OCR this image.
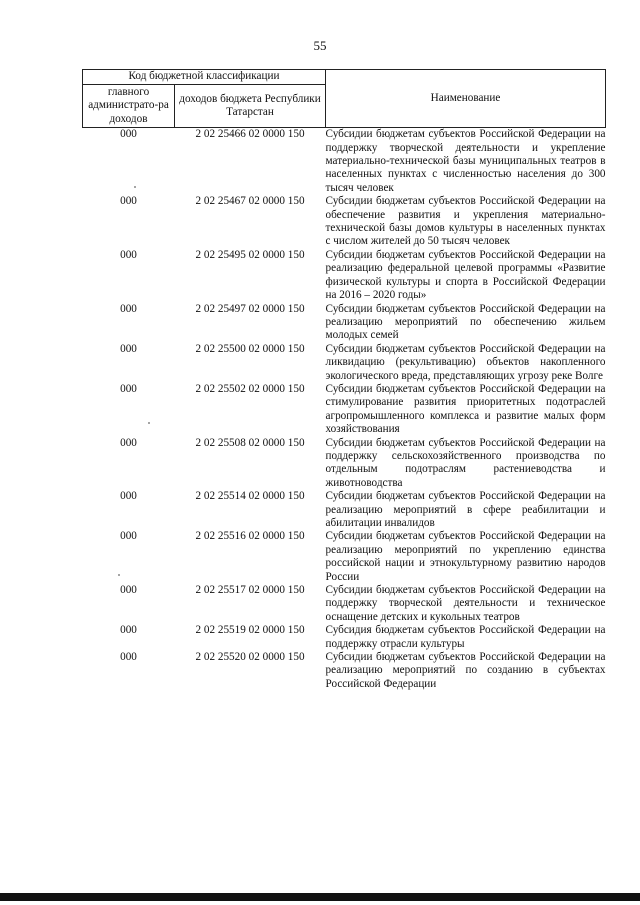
55
Код бюджетной классификации		Наименование
главного администрато-ра доходов	доходов бюджета Республики Татарстан	
000	2 02 25466 02 0000 150	Субсидии бюджетам субъектов Российской Федерации на поддержку творческой деятельности и укрепление материально-технической базы муниципальных театров в населенных пунктах с численностью населения до 300 тысяч человек
000	2 02 25467 02 0000 150	Субсидии бюджетам субъектов Российской Федерации на обеспечение развития и укрепления материально-технической базы домов культуры в населенных пунктах с числом жителей до 50 тысяч человек
000	2 02 25495 02 0000 150	Субсидии бюджетам субъектов Российской Федерации на реализацию федеральной целевой программы «Развитие физической культуры и спорта в Российской Федерации на 2016 – 2020 годы»
000	2 02 25497 02 0000 150	Субсидии бюджетам субъектов Российской Федерации на реализацию мероприятий по обеспечению жильем молодых семей
000	2 02 25500 02 0000 150	Субсидии бюджетам субъектов Российской Федерации на ликвидацию (рекультивацию) объектов накопленного экологического вреда, представляющих угрозу реке Волге
000	2 02 25502 02 0000 150	Субсидии бюджетам субъектов Российской Федерации на стимулирование развития приоритетных подотраслей агропромышленного комплекса и развитие малых форм хозяйствования
000	2 02 25508 02 0000 150	Субсидии бюджетам субъектов Российской Федерации на поддержку сельскохозяйственного производства по отдельным подотраслям растениеводства и животноводства
000	2 02 25514 02 0000 150	Субсидии бюджетам субъектов Российской Федерации на реализацию мероприятий в сфере реабилитации и абилитации инвалидов
000	2 02 25516 02 0000 150	Субсидии бюджетам субъектов Российской Федерации на реализацию мероприятий по укреплению единства российской нации и этнокультурному развитию народов России
000	2 02 25517 02 0000 150	Субсидии бюджетам субъектов Российской Федерации на поддержку творческой деятельности и техническое оснащение детских и кукольных театров
000	2 02 25519 02 0000 150	Субсидия бюджетам субъектов Российской Федерации на поддержку отрасли культуры
000	2 02 25520 02 0000 150	Субсидии бюджетам субъектов Российской Федерации на реализацию мероприятий по созданию в субъектах Российской Федерации
